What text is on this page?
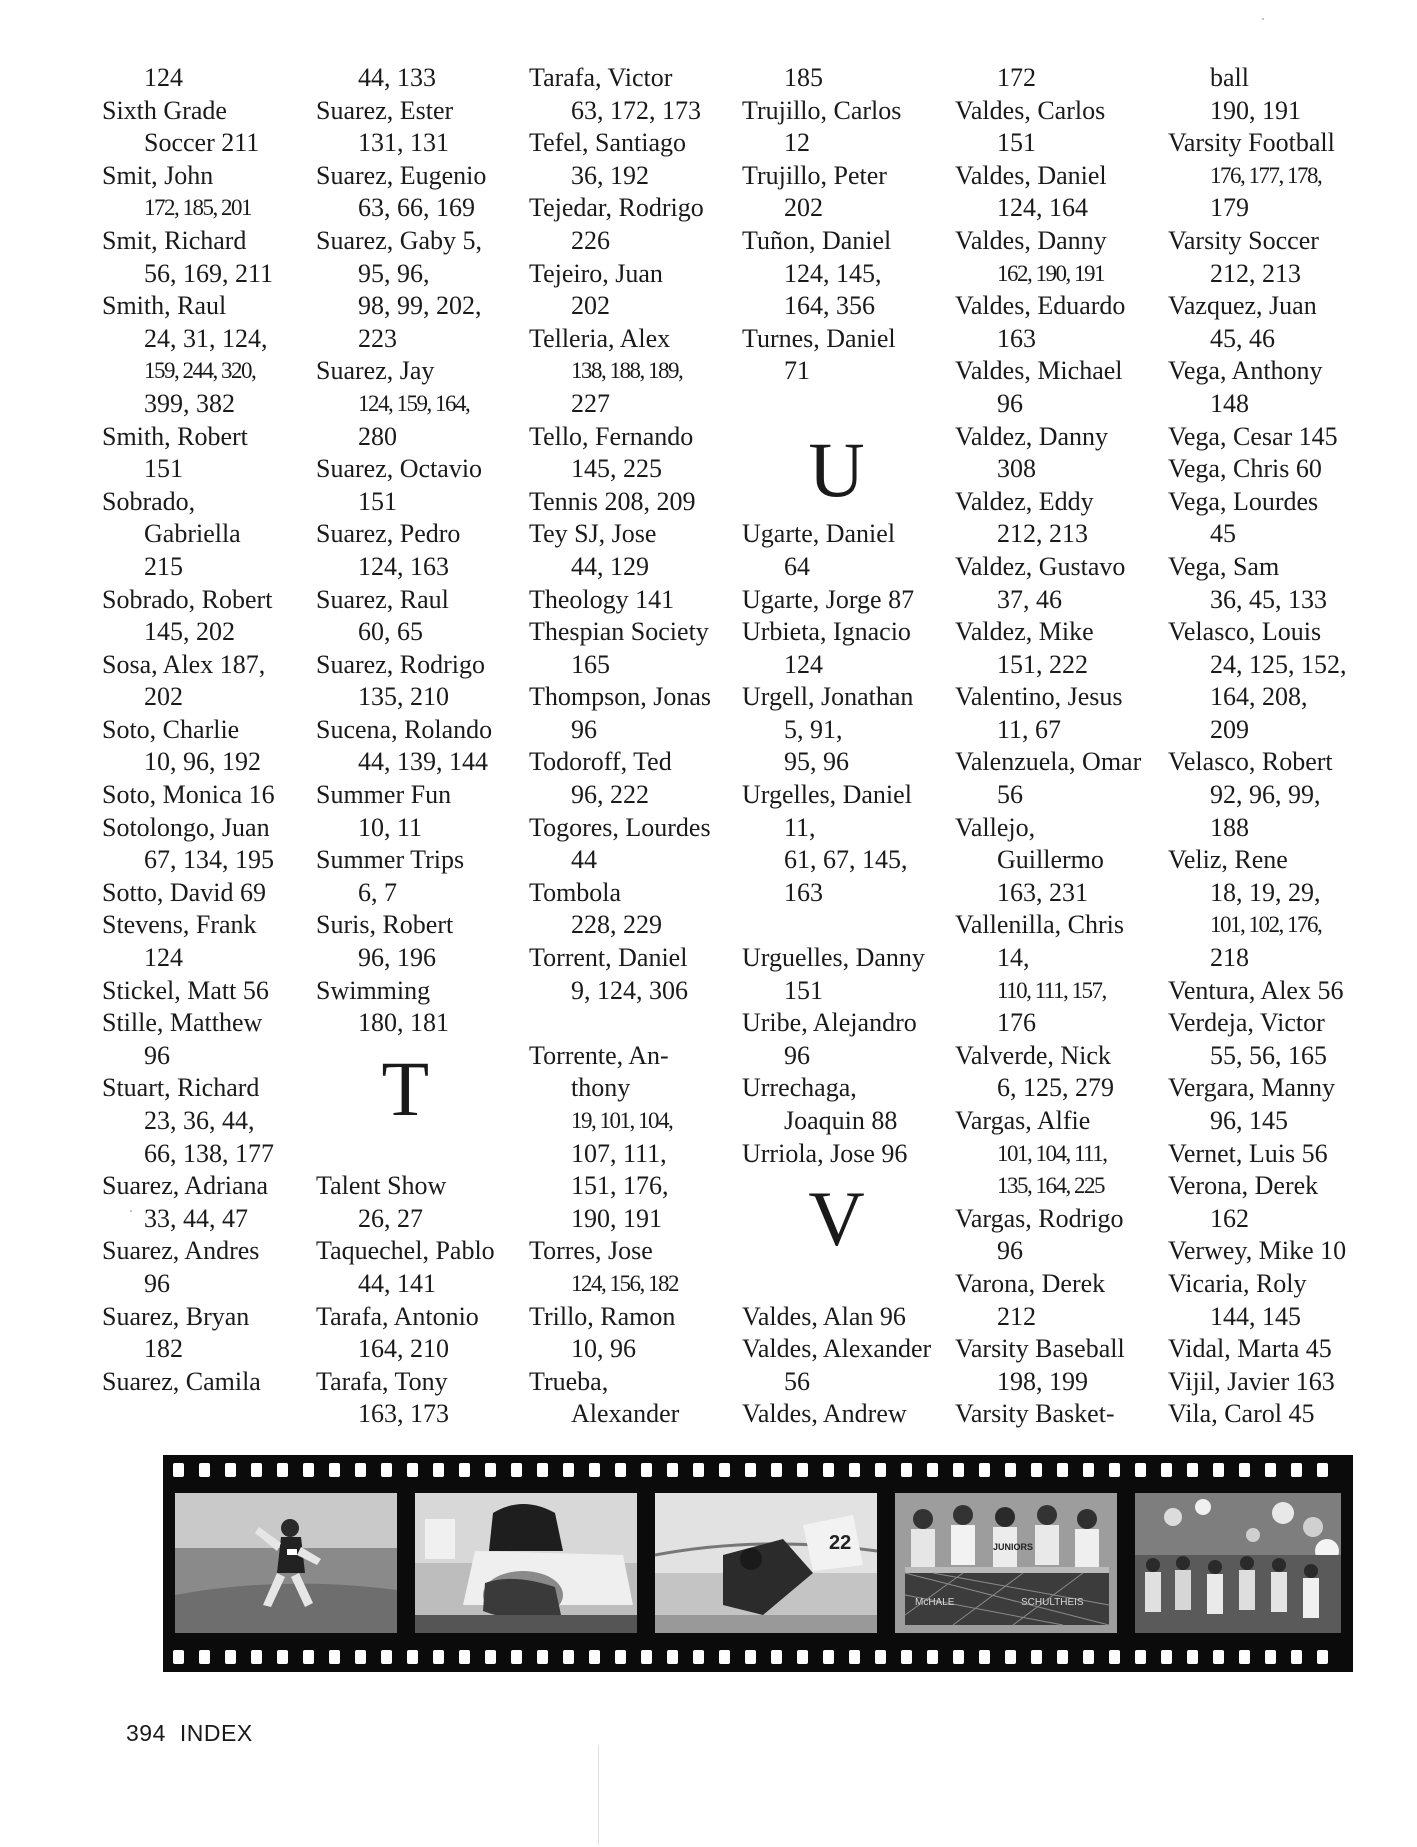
124
Sixth Grade
Soccer 211
Smit, John
172, 185, 201
Smit, Richard
56, 169, 211
Smith, Raul
24, 31, 124,
159, 244, 320,
399, 382
Smith, Robert
151
Sobrado,
Gabriella
215
Sobrado, Robert
145, 202
Sosa, Alex 187,
202
Soto, Charlie
10, 96, 192
Soto, Monica 16
Sotolongo, Juan
67, 134, 195
Sotto, David 69
Stevens, Frank
124
Stickel, Matt 56
Stille, Matthew
96
Stuart, Richard
23, 36, 44,
66, 138, 177
Suarez, Adriana
33, 44, 47
Suarez, Andres
96
Suarez, Bryan
182
Suarez, Camila
44, 133
Suarez, Ester
131, 131
Suarez, Eugenio
63, 66, 169
Suarez, Gaby 5,
95, 96,
98, 99, 202,
223
Suarez, Jay
124, 159, 164,
280
Suarez, Octavio
151
Suarez, Pedro
124, 163
Suarez, Raul
60, 65
Suarez, Rodrigo
135, 210
Sucena, Rolando
44, 139, 144
Summer Fun
10, 11
Summer Trips
6, 7
Suris, Robert
96, 196
Swimming
180, 181
T
Talent Show
26, 27
Taquechel, Pablo
44, 141
Tarafa, Antonio
164, 210
Tarafa, Tony
163, 173
Tarafa, Victor
63, 172, 173
Tefel, Santiago
36, 192
Tejedar, Rodrigo
226
Tejeiro, Juan
202
Telleria, Alex
138, 188, 189,
227
Tello, Fernando
145, 225
Tennis 208, 209
Tey SJ, Jose
44, 129
Theology 141
Thespian Society
165
Thompson, Jonas
96
Todoroff, Ted
96, 222
Togores, Lourdes
44
Tombola
228, 229
Torrent, Daniel
9, 124, 306
Torrente, An-
thony
19, 101, 104,
107, 111,
151, 176,
190, 191
Torres, Jose
124, 156, 182
Trillo, Ramon
10, 96
Trueba,
Alexander
185
Trujillo, Carlos
12
Trujillo, Peter
202
Tuñon, Daniel
124, 145,
164, 356
Turnes, Daniel
71
U
Ugarte, Daniel
64
Ugarte, Jorge 87
Urbieta, Ignacio
124
Urgell, Jonathan
5, 91,
95, 96
Urgelles, Daniel
11,
61, 67, 145,
163
Urguelles, Danny
151
Uribe, Alejandro
96
Urrechaga,
Joaquin 88
Urriola, Jose 96
V
Valdes, Alan 96
Valdes, Alexander
56
Valdes, Andrew
172
Valdes, Carlos
151
Valdes, Daniel
124, 164
Valdes, Danny
162, 190, 191
Valdes, Eduardo
163
Valdes, Michael
96
Valdez, Danny
308
Valdez, Eddy
212, 213
Valdez, Gustavo
37, 46
Valdez, Mike
151, 222
Valentino, Jesus
11, 67
Valenzuela, Omar
56
Vallejo,
Guillermo
163, 231
Vallenilla, Chris
14,
110, 111, 157,
176
Valverde, Nick
6, 125, 279
Vargas, Alfie
101, 104, 111,
135, 164, 225
Vargas, Rodrigo
96
Varona, Derek
212
Varsity Baseball
198, 199
Varsity Basket-
ball
190, 191
Varsity Football
176, 177, 178,
179
Varsity Soccer
212, 213
Vazquez, Juan
45, 46
Vega, Anthony
148
Vega, Cesar 145
Vega, Chris 60
Vega, Lourdes
45
Vega, Sam
36, 45, 133
Velasco, Louis
24, 125, 152,
164, 208,
209
Velasco, Robert
92, 96, 99,
188
Veliz, Rene
18, 19, 29,
101, 102, 176,
218
Ventura, Alex 56
Verdeja, Victor
55, 56, 165
Vergara, Manny
96, 145
Vernet, Luis 56
Verona, Derek
162
Verwey, Mike 10
Vicaria, Roly
144, 145
Vidal, Marta 45
Vijil, Javier 163
Vila, Carol 45
22	JUNIORS
McHALE	SCHULTHEIS
394 INDEX
